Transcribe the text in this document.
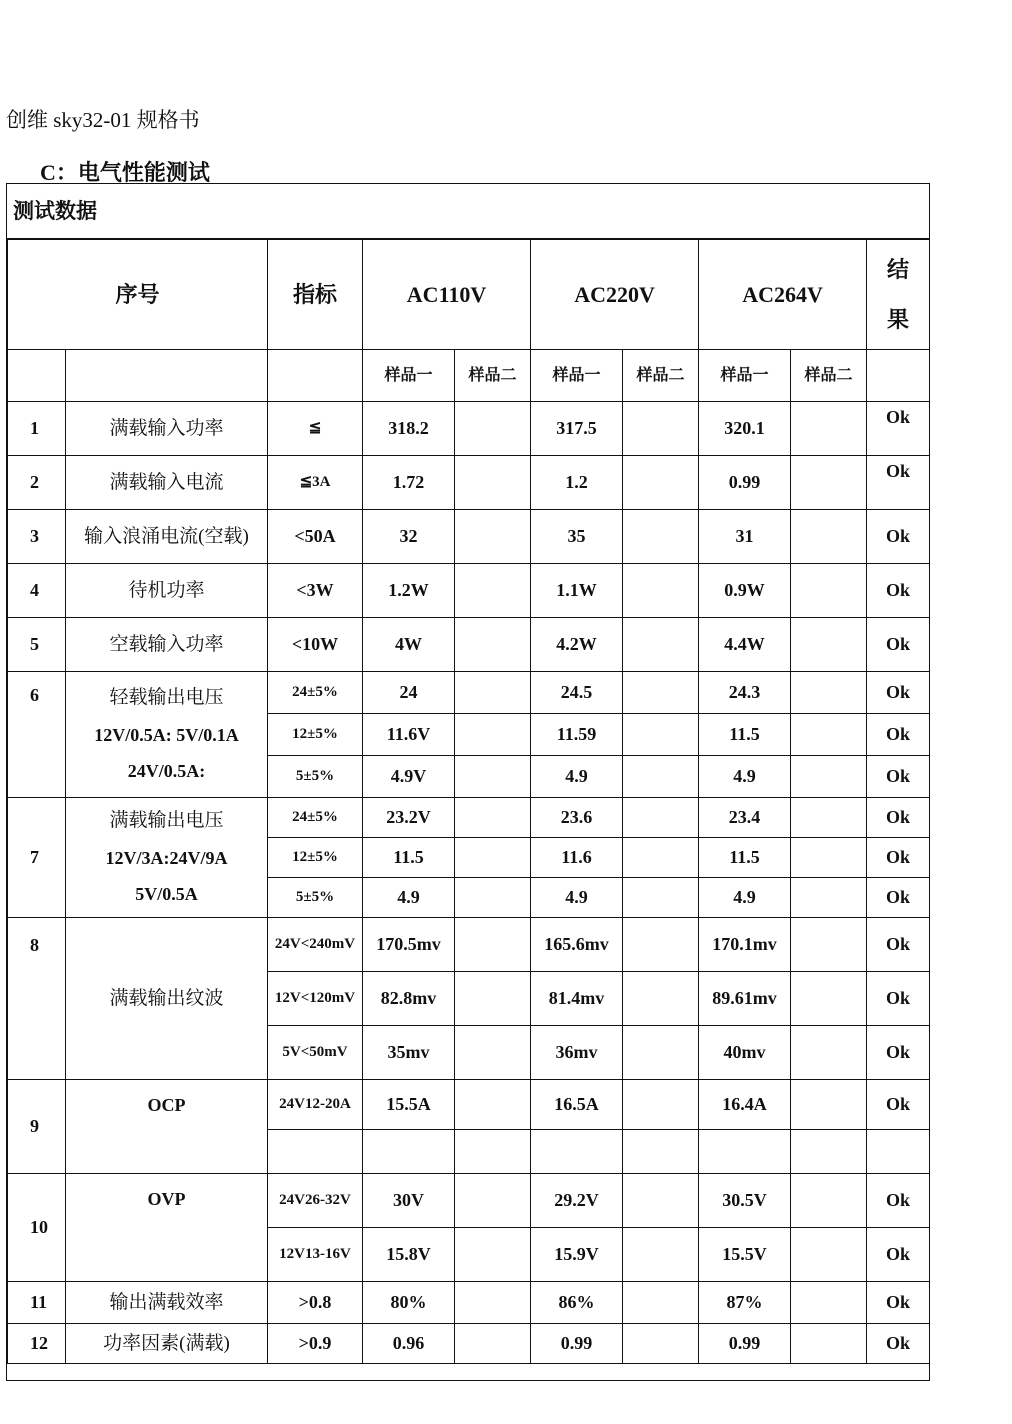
创维 sky32-01 规格书
C：电气性能测试
测试数据
序号		指标	AC110V		AC220V		AC264V		结
果

			样品一	样品二	样品一	样品二	样品一	样品二	
1	满载输入功率	≦	318.2		317.5		320.1		Ok
2	满载输入电流	≦3A	1.72		1.2		0.99		Ok
3	输入浪涌电流(空载)	<50A	32		35		31		Ok
4	待机功率	<3W	1.2W		1.1W		0.9W		Ok
5	空载输入功率	<10W	4W		4.2W		4.4W		Ok
6	轻载输出电压
12V/0.5A: 5V/0.1A
24V/0.5A:	24±5%	24		24.5		24.3		Ok
		12±5%	11.6V		11.59		11.5		Ok
		5±5%	4.9V		4.9		4.9		Ok
7	满载输出电压
12V/3A:24V/9A
5V/0.5A	24±5%	23.2V		23.6		23.4		Ok
		12±5%	11.5		11.6		11.5		Ok
		5±5%	4.9		4.9		4.9		Ok
8	满载输出纹波	24V<240mV	170.5mv		165.6mv		170.1mv		Ok
		12V<120mV	82.8mv		81.4mv		89.61mv		Ok
		5V<50mV	35mv		36mv		40mv		Ok
9	OCP	24V12-20A	15.5A		16.5A		16.4A		Ok

10	OVP	24V26-32V	30V		29.2V		30.5V		Ok
		12V13-16V	15.8V		15.9V		15.5V		Ok
11	输出满载效率	>0.8	80%		86%		87%		Ok
12	功率因素(满载)	>0.9	0.96		0.99		0.99		Ok
